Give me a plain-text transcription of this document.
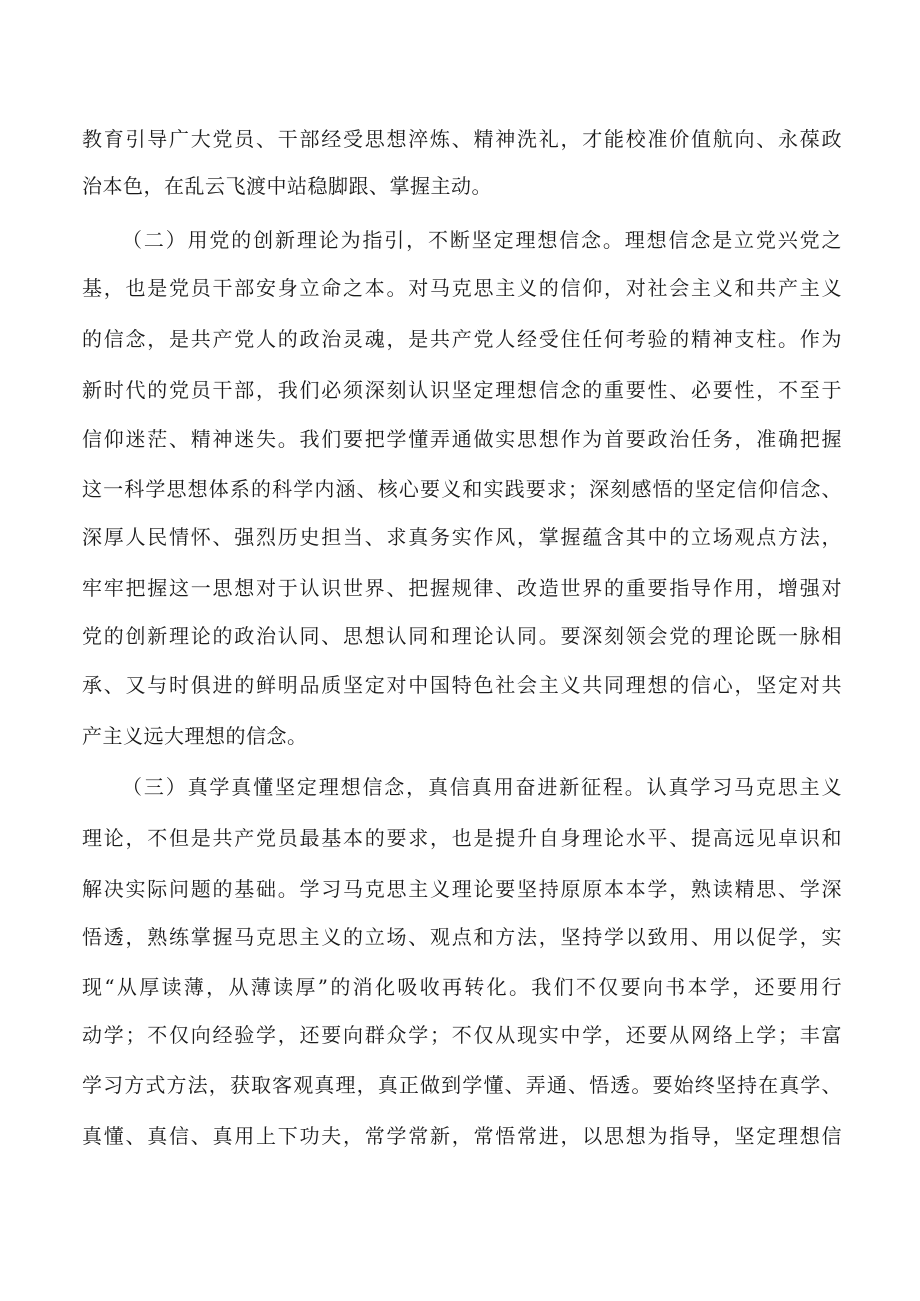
教育引导广大党员、干部经受思想淬炼、精神洗礼，才能校准价值航向、永葆政
治本色，在乱云飞渡中站稳脚跟、掌握主动。
（二）用党的创新理论为指引，不断坚定理想信念。理想信念是立党兴党之
基，也是党员干部安身立命之本。对马克思主义的信仰，对社会主义和共产主义
的信念，是共产党人的政治灵魂，是共产党人经受住任何考验的精神支柱。作为
新时代的党员干部，我们必须深刻认识坚定理想信念的重要性、必要性，不至于
信仰迷茫、精神迷失。我们要把学懂弄通做实思想作为首要政治任务，准确把握
这一科学思想体系的科学内涵、核心要义和实践要求；深刻感悟的坚定信仰信念、
深厚人民情怀、强烈历史担当、求真务实作风，掌握蕴含其中的立场观点方法，
牢牢把握这一思想对于认识世界、把握规律、改造世界的重要指导作用，增强对
党的创新理论的政治认同、思想认同和理论认同。要深刻领会党的理论既一脉相
承、又与时俱进的鲜明品质坚定对中国特色社会主义共同理想的信心，坚定对共
产主义远大理想的信念。
（三）真学真懂坚定理想信念，真信真用奋进新征程。认真学习马克思主义
理论，不但是共产党员最基本的要求，也是提升自身理论水平、提高远见卓识和
解决实际问题的基础。学习马克思主义理论要坚持原原本本学，熟读精思、学深
悟透，熟练掌握马克思主义的立场、观点和方法，坚持学以致用、用以促学，实
现“从厚读薄，从薄读厚”的消化吸收再转化。我们不仅要向书本学，还要用行
动学；不仅向经验学，还要向群众学；不仅从现实中学，还要从网络上学；丰富
学习方式方法，获取客观真理，真正做到学懂、弄通、悟透。要始终坚持在真学、
真懂、真信、真用上下功夫，常学常新，常悟常进，以思想为指导，坚定理想信
